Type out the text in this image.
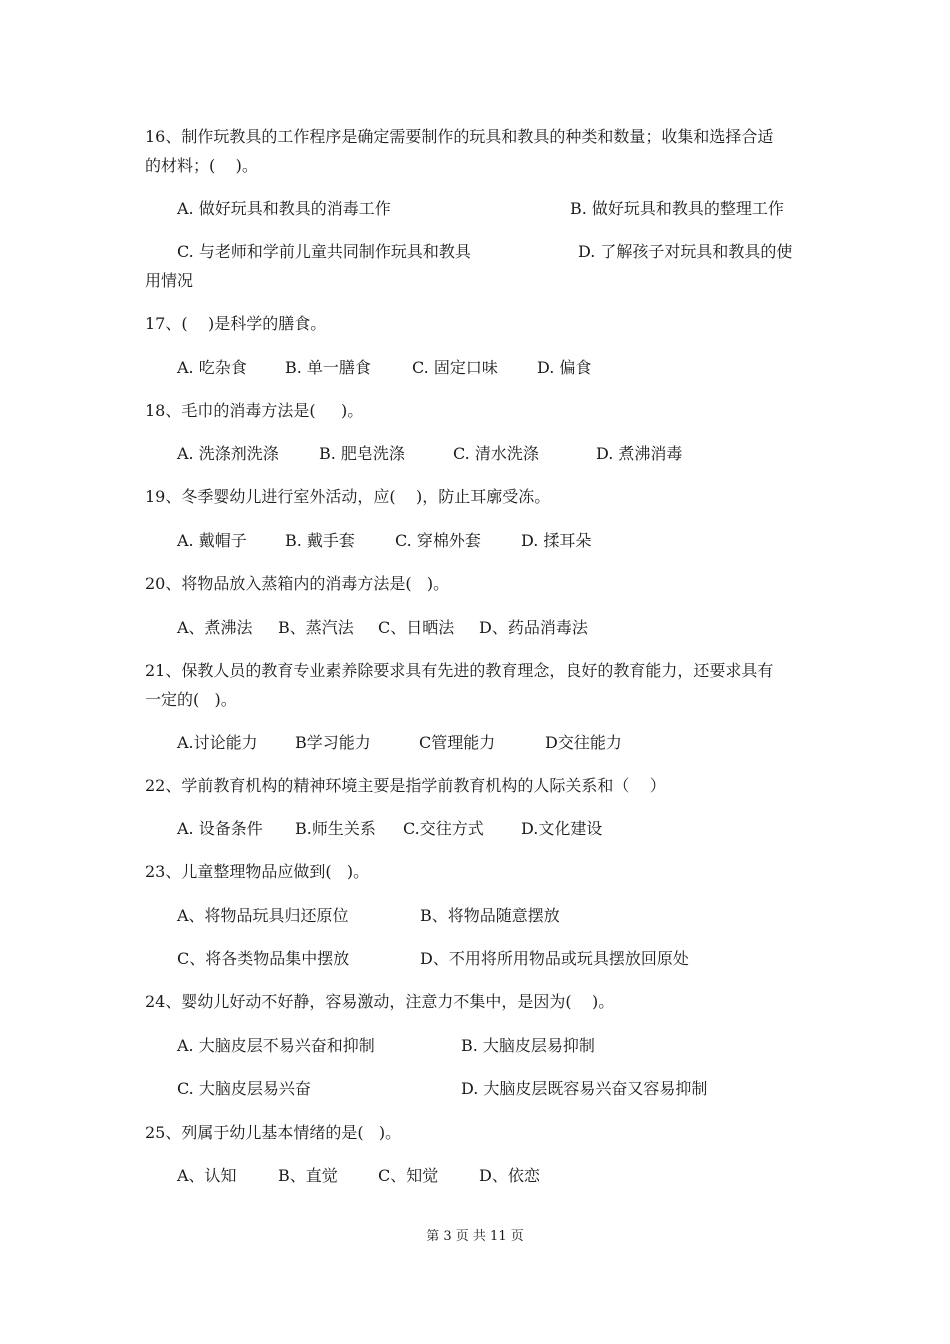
16、制作玩教具的工作程序是确定需要制作的玩具和教具的种类和数量；收集和选择合适
的材料；(    )。
A. 做好玩具和教具的消毒工作	B. 做好玩具和教具的整理工作
C. 与老师和学前儿童共同制作玩具和教具	D. 了解孩子对玩具和教具的使
用情况
17、(    )是科学的膳食。
A. 吃杂食 B. 单一膳食	C. 固定口味 D. 偏食
18、毛巾的消毒方法是(     )。
A. 洗涤剂洗涤	B. 肥皂洗涤	C. 清水洗涤	D. 煮沸消毒
19、冬季婴幼儿进行室外活动，应(    )，防止耳廓受冻。
A. 戴帽子 B. 戴手套	C. 穿棉外套	D. 揉耳朵
20、将物品放入蒸箱内的消毒方法是(   )。
A、煮沸法 B、蒸汽法 C、日晒法 D、药品消毒法
21、保教人员的教育专业素养除要求具有先进的教育理念，良好的教育能力，还要求具有
一定的(   )。
A.讨论能力 B学习能力	C管理能力	D交往能力
22、学前教育机构的精神环境主要是指学前教育机构的人际关系和（    ）
A. 设备条件 B.师生关系 C.交往方式 D.文化建设
23、儿童整理物品应做到(   )。
A、将物品玩具归还原位	B、将物品随意摆放
C、将各类物品集中摆放	D、不用将所用物品或玩具摆放回原处
24、婴幼儿好动不好静，容易激动，注意力不集中，是因为(    )。
A. 大脑皮层不易兴奋和抑制	B. 大脑皮层易抑制
C. 大脑皮层易兴奋	D. 大脑皮层既容易兴奋又容易抑制
25、列属于幼儿基本情绪的是(   )。
A、认知	B、直觉	C、知觉	D、依恋
第 3 页 共 11 页
